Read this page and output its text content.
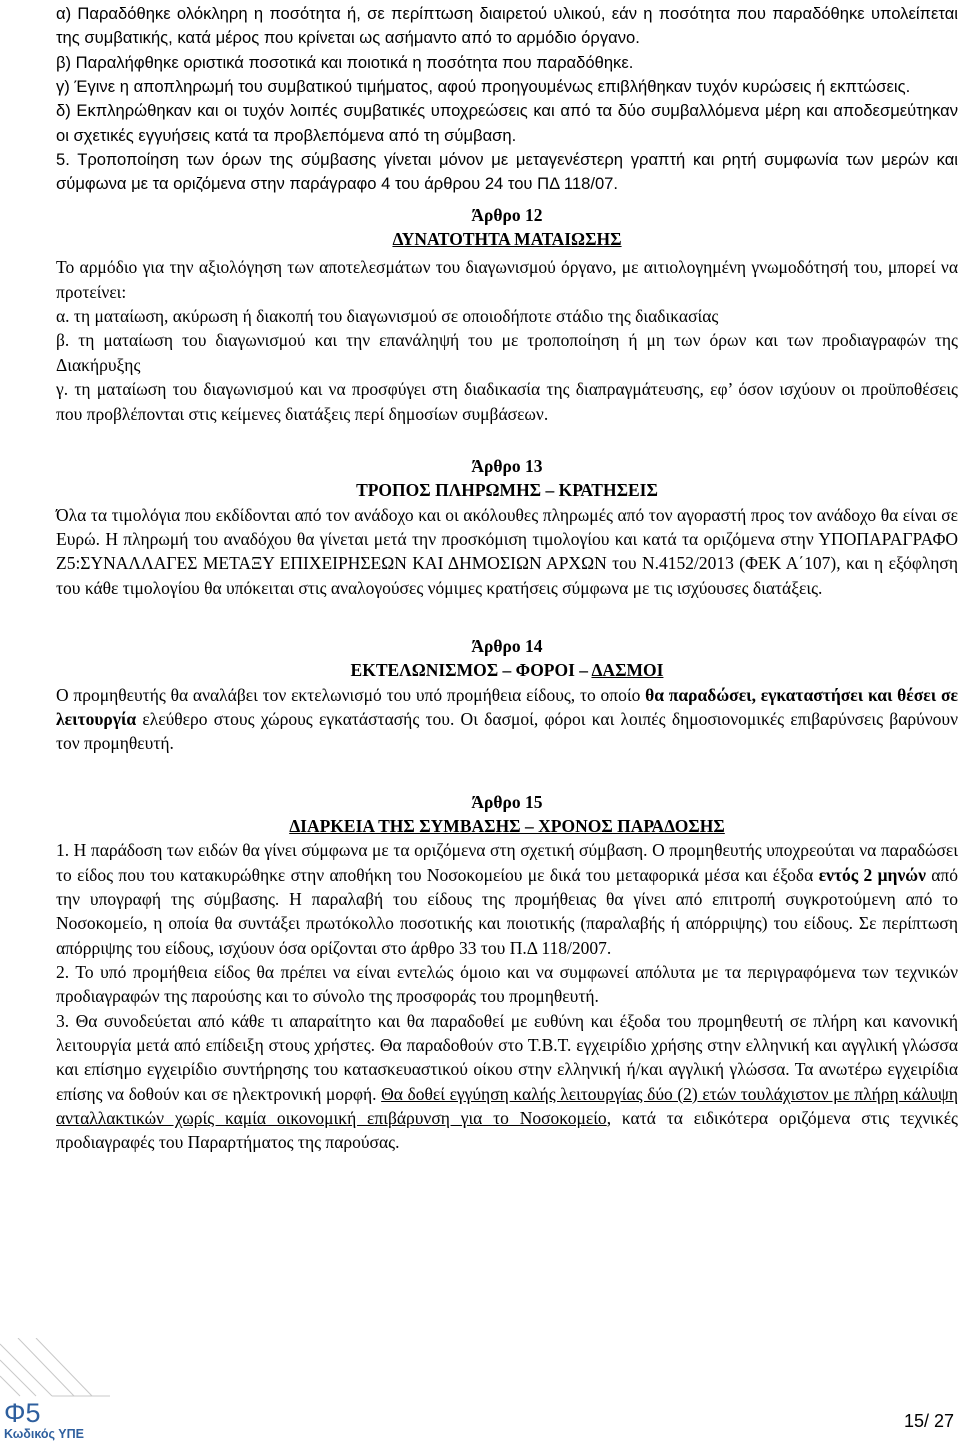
α) Παραδόθηκε ολόκληρη η ποσότητα ή, σε περίπτωση διαιρετού υλικού, εάν η ποσότητα που παραδόθηκε υπολείπεται της συμβατικής, κατά μέρος που κρίνεται ως ασήμαντο από το αρμόδιο όργανο.

β) Παραλήφθηκε οριστικά ποσοτικά και ποιοτικά η ποσότητα που παραδόθηκε.

γ) Έγινε η αποπληρωμή του συμβατικού τιμήματος, αφού προηγουμένως επιβλήθηκαν τυχόν κυρώσεις ή εκπτώσεις.

δ) Εκπληρώθηκαν και οι τυχόν λοιπές συμβατικές υποχρεώσεις και από τα δύο συμβαλλόμενα μέρη και αποδεσμεύτηκαν οι σχετικές εγγυήσεις κατά τα προβλεπόμενα από τη σύμβαση.

5. Τροποποίηση των όρων της σύμβασης γίνεται μόνον με μεταγενέστερη γραπτή και ρητή συμφωνία των μερών και σύμφωνα με τα οριζόμενα στην παράγραφο 4 του άρθρου 24 του ΠΔ 118/07.

Άρθρο 12

ΔΥΝΑΤΟΤΗΤΑ ΜΑΤΑΙΩΣΗΣ

Το αρμόδιο για την αξιολόγηση των αποτελεσμάτων του διαγωνισμού όργανο, με αιτιολογημένη γνωμοδότησή του, μπορεί να προτείνει:

α. τη ματαίωση, ακύρωση ή διακοπή του διαγωνισμού σε οποιοδήποτε στάδιο της διαδικασίας

β. τη ματαίωση του διαγωνισμού και την επανάληψή του με τροποποίηση ή μη των όρων και των προδιαγραφών της Διακήρυξης

γ. τη ματαίωση του διαγωνισμού και να προσφύγει στη διαδικασία της διαπραγμάτευσης, εφ’ όσον ισχύουν οι προϋποθέσεις που προβλέπονται στις κείμενες διατάξεις περί δημοσίων συμβάσεων.

Άρθρο 13

ΤΡΟΠΟΣ ΠΛΗΡΩΜΗΣ – ΚΡΑΤΗΣΕΙΣ

Όλα τα τιμολόγια που εκδίδονται από τον ανάδοχο και οι ακόλουθες πληρωμές από τον αγοραστή προς τον ανάδοχο θα είναι σε Ευρώ. Η πληρωμή του αναδόχου θα γίνεται μετά την προσκόμιση τιμολογίου και κατά τα οριζόμενα στην ΥΠΟΠΑΡΑΓΡΑΦΟ Ζ5:ΣΥΝΑΛΛΑΓΕΣ ΜΕΤΑΞΥ ΕΠΙΧΕΙΡΗΣΕΩΝ ΚΑΙ ΔΗΜΟΣΙΩΝ ΑΡΧΩΝ του Ν.4152/2013 (ΦΕΚ Α΄107), και η εξόφληση του κάθε τιμολογίου θα υπόκειται στις αναλογούσες νόμιμες κρατήσεις σύμφωνα με τις ισχύουσες διατάξεις.

Άρθρο 14

ΕΚΤΕΛΩΝΙΣΜΟΣ – ΦΟΡΟΙ – ΔΑΣΜΟΙ

Ο προμηθευτής θα αναλάβει τον εκτελωνισμό του υπό προμήθεια είδους, το οποίο θα παραδώσει, εγκαταστήσει και θέσει σε λειτουργία ελεύθερο στους χώρους εγκατάστασής του. Οι δασμοί, φόροι και λοιπές δημοσιονομικές επιβαρύνσεις βαρύνουν τον προμηθευτή.

Άρθρο 15

ΔΙΑΡΚΕΙΑ ΤΗΣ ΣΥΜΒΑΣΗΣ – ΧΡΟΝΟΣ ΠΑΡΑΔΟΣΗΣ

1. Η παράδοση των ειδών θα γίνει σύμφωνα με τα οριζόμενα στη σχετική σύμβαση. Ο προμηθευτής υποχρεούται να παραδώσει το είδος που του κατακυρώθηκε στην αποθήκη του Νοσοκομείου με δικά του μεταφορικά μέσα και έξοδα εντός 2 μηνών από την υπογραφή της σύμβασης. Η παραλαβή του είδους της προμήθειας θα γίνει από επιτροπή συγκροτούμενη από το Νοσοκομείο, η οποία θα συντάξει πρωτόκολλο ποσοτικής και ποιοτικής (παραλαβής ή απόρριψης) του είδους. Σε περίπτωση απόρριψης του είδους, ισχύουν όσα ορίζονται στο άρθρο 33 του Π.Δ 118/2007.

2. Το υπό προμήθεια είδος θα πρέπει να είναι εντελώς όμοιο και να συμφωνεί απόλυτα με τα περιγραφόμενα των τεχνικών προδιαγραφών της παρούσης και το σύνολο της προσφοράς του προμηθευτή.

3. Θα συνοδεύεται από κάθε τι απαραίτητο και θα παραδοθεί με ευθύνη και έξοδα του προμηθευτή σε πλήρη και κανονική λειτουργία μετά από επίδειξη στους χρήστες. Θα παραδοθούν στο Τ.Β.Τ. εγχειρίδιο χρήσης στην ελληνική και αγγλική γλώσσα και επίσημο εγχειρίδιο συντήρησης του κατασκευαστικού οίκου στην ελληνική ή/και αγγλική γλώσσα. Τα ανωτέρω εγχειρίδια επίσης να δοθούν και σε ηλεκτρονική μορφή. Θα δοθεί εγγύηση καλής λειτουργίας δύο (2) ετών τουλάχιστον με πλήρη κάλυψη ανταλλακτικών χωρίς καμία οικονομική επιβάρυνση για το Νοσοκομείο, κατά τα ειδικότερα οριζόμενα στις τεχνικές προδιαγραφές του Παραρτήματος της παρούσας.

Φ5
Κωδικός ΥΠΕ
15/ 27
